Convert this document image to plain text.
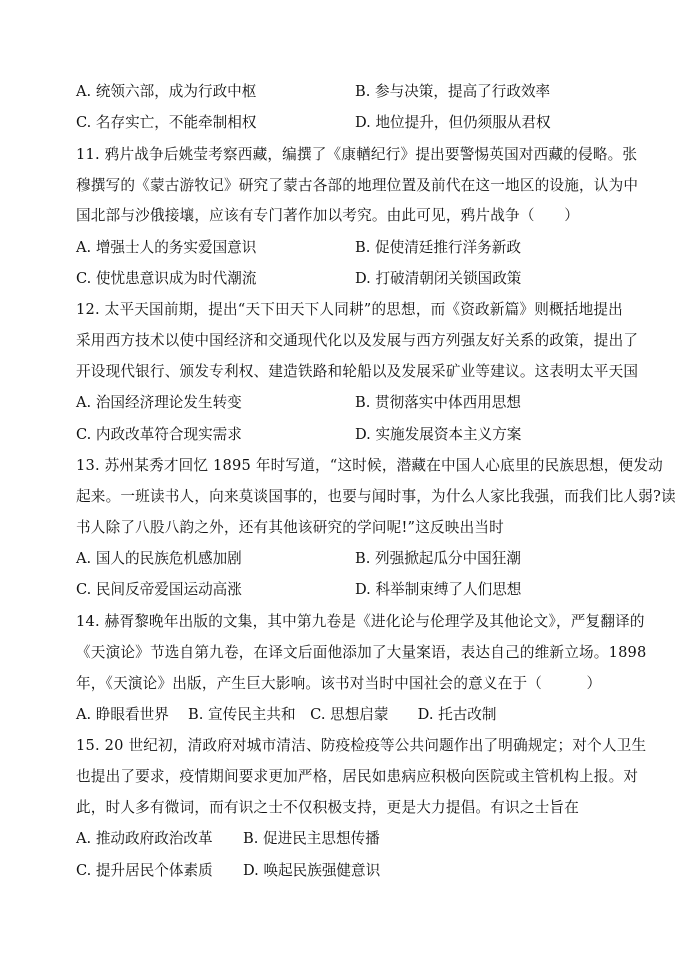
A. 统领六部，成为行政中枢	B. 参与决策，提高了行政效率
C. 名存实亡，不能牵制相权	D. 地位提升，但仍须服从君权
11. 鸦片战争后姚莹考察西藏，编撰了《康輶纪行》提出要警惕英国对西藏的侵略。张
穆撰写的《蒙古游牧记》研究了蒙古各部的地理位置及前代在这一地区的设施，认为中
国北部与沙俄接壤，应该有专门著作加以考究。由此可见，鸦片战争（　　）
A. 增强士人的务实爱国意识	B. 促使清廷推行洋务新政
C. 使忧患意识成为时代潮流	D. 打破清朝闭关锁国政策
12. 太平天国前期，提出“天下田天下人同耕”的思想，而《资政新篇》则概括地提出
采用西方技术以使中国经济和交通现代化以及发展与西方列强友好关系的政策，提出了
开设现代银行、颁发专利权、建造铁路和轮船以及发展采矿业等建议。这表明太平天国
A. 治国经济理论发生转变	B. 贯彻落实中体西用思想
C. 内政改革符合现实需求	D. 实施发展资本主义方案
13. 苏州某秀才回忆 1895 年时写道，“这时候，潜藏在中国人心底里的民族思想，便发动
起来。一班读书人，向来莫谈国事的，也要与闻时事，为什么人家比我强，而我们比人弱?读
书人除了八股八韵之外，还有其他该研究的学问呢!”这反映出当时
A. 国人的民族危机感加剧	B. 列强掀起瓜分中国狂潮
C. 民间反帝爱国运动高涨	D. 科举制束缚了人们思想
14. 赫胥黎晚年出版的文集，其中第九卷是《进化论与伦理学及其他论文》，严复翻译的
《天演论》节选自第九卷，在译文后面他添加了大量案语，表达自己的维新立场。1898
年，《天演论》出版，产生巨大影响。该书对当时中国社会的意义在于（　　　）
A. 睁眼看世界　 B. 宣传民主共和　C. 思想启蒙　　D. 托古改制
15. 20 世纪初，清政府对城市清洁、防疫检疫等公共问题作出了明确规定；对个人卫生
也提出了要求，疫情期间要求更加严格，居民如患病应积极向医院或主管机构上报。对
此，时人多有微词，而有识之士不仅积极支持，更是大力提倡。有识之士旨在
A. 推动政府政治改革 B. 促进民主思想传播
C. 提升居民个体素质 D. 唤起民族强健意识
